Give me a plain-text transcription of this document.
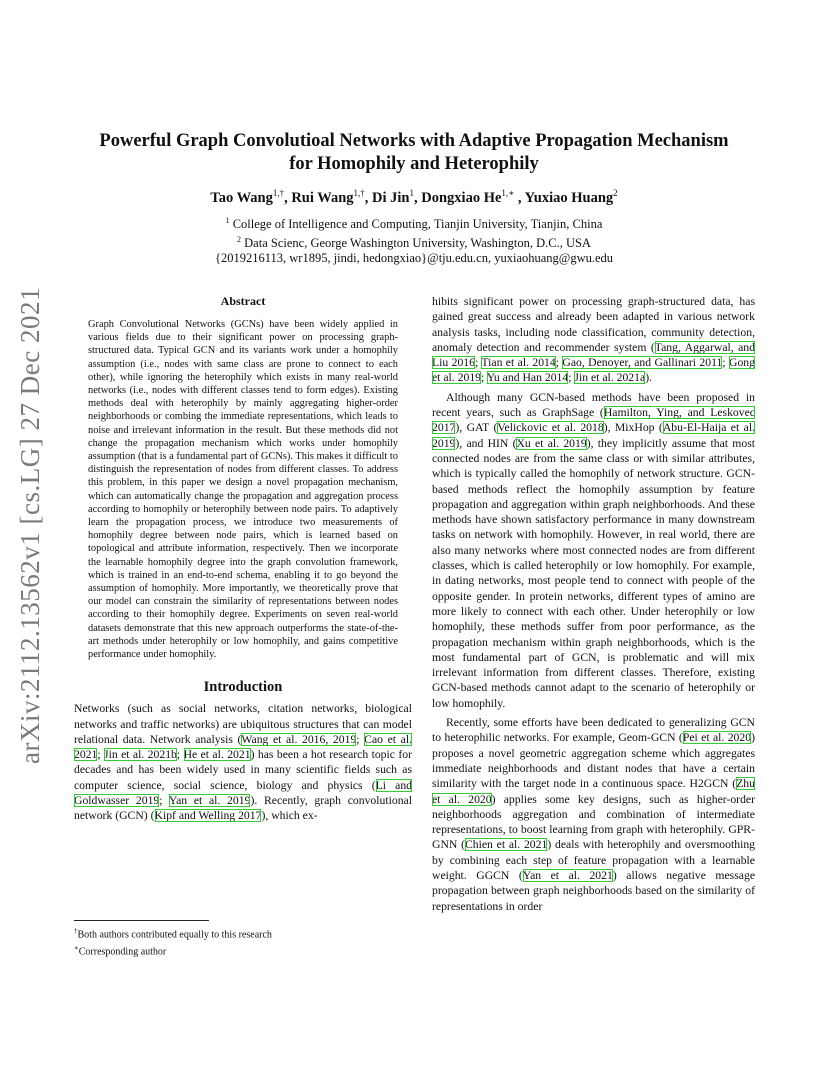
arXiv:2112.13562v1 [cs.LG] 27 Dec 2021
Powerful Graph Convolutioal Networks with Adaptive Propagation Mechanism
for Homophily and Heterophily
Tao Wang$^{1,\dagger}$, Rui Wang$^{1,\dagger}$, Di Jin$^1$, Dongxiao $He^{1,∗}$ , Yuxiao Huang$^2$
$^1$ College of Intelligence and Computing, Tianjin University, Tianjin, China
$^2$ Data Scienc, George Washington University, Washington, D.C., USA
{2019216113, wr1895, jindi, hedongxiao}@tju.edu.cn, yuxiaohuang@gwu.edu
Abstract

Graph Convolutional Networks (GCNs) have been widely applied in various fields due to their significant power on processing graph-structured data. Typical GCN and its variants work under a homophily assumption (i.e., nodes with same class are prone to connect to each other), while ignoring the heterophily which exists in many real-world networks (i.e., nodes with different classes tend to form edges). Existing methods deal with heterophily by mainly aggregating higher-order neighborhoods or combing the immediate representations, which leads to noise and irrelevant information in the result. But these methods did not change the propagation mechanism which works under homophily assumption (that is a fundamental part of GCNs). This makes it difficult to distinguish the representation of nodes from different classes. To address this problem, in this paper we design a novel propagation mechanism, which can automatically change the propagation and aggregation process according to homophily or heterophily between node pairs. To adaptively learn the propagation process, we introduce two measurements of homophily degree between node pairs, which is learned based on topological and attribute information, respectively. Then we incorporate the learnable homophily degree into the graph convolution framework, which is trained in an end-to-end schema, enabling it to go beyond the assumption of homophily. More importantly, we theoretically prove that our model can constrain the similarity of representations between nodes according to their homophily degree. Experiments on seven real-world datasets demonstrate that this new approach outperforms the state-of-the-art methods under heterophily or low homophily, and gains competitive performance under homophily.

Introduction

Networks (such as social networks, citation networks, biological networks and traffic networks) are ubiquitous structures that can model relational data. Network analysis (Wang et al. 2016, 2019; Cao et al. 2021; Jin et al. 2021b; He et al. 2021) has been a hot research topic for decades and has been widely used in many scientific fields such as computer science, social science, biology and physics (Li and Goldwasser 2019; Yan et al. 2019). Recently, graph convolutional network (GCN) (Kipf and Welling 2017), which ex-

hibits significant power on processing graph-structured data, has gained great success and already been adapted in various network analysis tasks, including node classification, community detection, anomaly detection and recommender system (Tang, Aggarwal, and Liu 2016; Tian et al. 2014; Gao, Denoyer, and Gallinari 2011; Gong et al. 2019; Yu and Han 2014; Jin et al. 2021a).

Although many GCN-based methods have been proposed in recent years, such as GraphSage (Hamilton, Ying, and Leskovec 2017), GAT (Velickovic et al. 2018), MixHop (Abu-El-Haija et al. 2019), and HIN (Xu et al. 2019), they implicitly assume that most connected nodes are from the same class or with similar attributes, which is typically called the homophily of network structure. GCN-based methods reflect the homophily assumption by feature propagation and aggregation within graph neighborhoods. And these methods have shown satisfactory performance in many downstream tasks on network with homophily. However, in real world, there are also many networks where most connected nodes are from different classes, which is called heterophily or low homophily. For example, in dating networks, most people tend to connect with people of the opposite gender. In protein networks, different types of amino are more likely to connect with each other. Under heterophily or low homophily, these methods suffer from poor performance, as the propagation mechanism within graph neighborhoods, which is the most fundamental part of GCN, is problematic and will mix irrelevant information from different classes. Therefore, existing GCN-based methods cannot adapt to the scenario of heterophily or low homophily.

Recently, some efforts have been dedicated to generalizing GCN to heterophilic networks. For example, Geom-GCN (Pei et al. 2020) proposes a novel geometric aggregation scheme which aggregates immediate neighborhoods and distant nodes that have a certain similarity with the target node in a continuous space. H2GCN (Zhu et al. 2020) applies some key designs, such as higher-order neighborhoods aggregation and combination of intermediate representations, to boost learning from graph with heterophily. GPR-GNN (Chien et al. 2021) deals with heterophily and oversmoothing by combining each step of feature propagation with a learnable weight. GGCN (Yan et al. 2021) allows negative message propagation between graph neighborhoods based on the similarity of representations in order

†Both authors contributed equally to this research
∗Corresponding author
